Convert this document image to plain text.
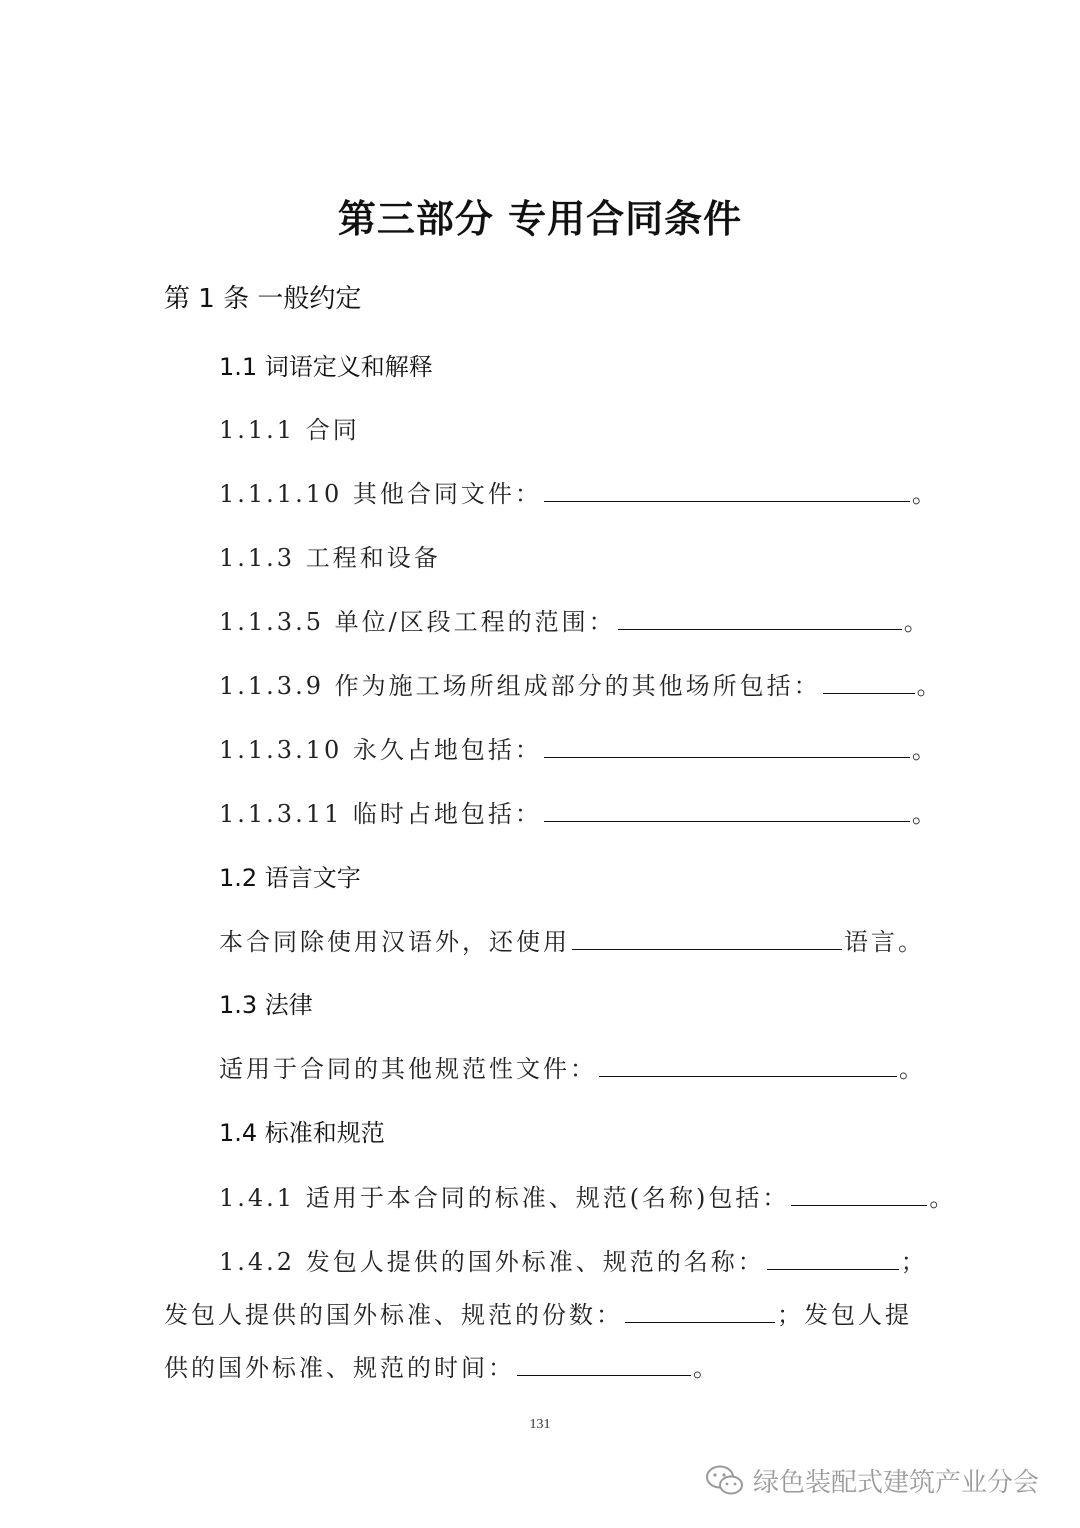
第三部分 专用合同条件
第 1 条 一般约定
1.1 词语定义和解释
1.1.1 合同
1.1.1.10 其他合同文件：	。
1.1.3 工程和设备
1.1.3.5 单位/区段工程的范围：	。
1.1.3.9 作为施工场所组成部分的其他场所包括：	。
1.1.3.10 永久占地包括：	。
1.1.3.11 临时占地包括：	。
1.2 语言文字
本合同除使用汉语外，还使用	语言。
1.3 法律
适用于合同的其他规范性文件：	。
1.4 标准和规范
1.4.1 适用于本合同的标准、规范(名称)包括：	。
1.4.2 发包人提供的国外标准、规范的名称：	；
发包人提供的国外标准、规范的份数：	；发包人提
供的国外标准、规范的时间：	。
131
绿色装配式建筑产业分会
